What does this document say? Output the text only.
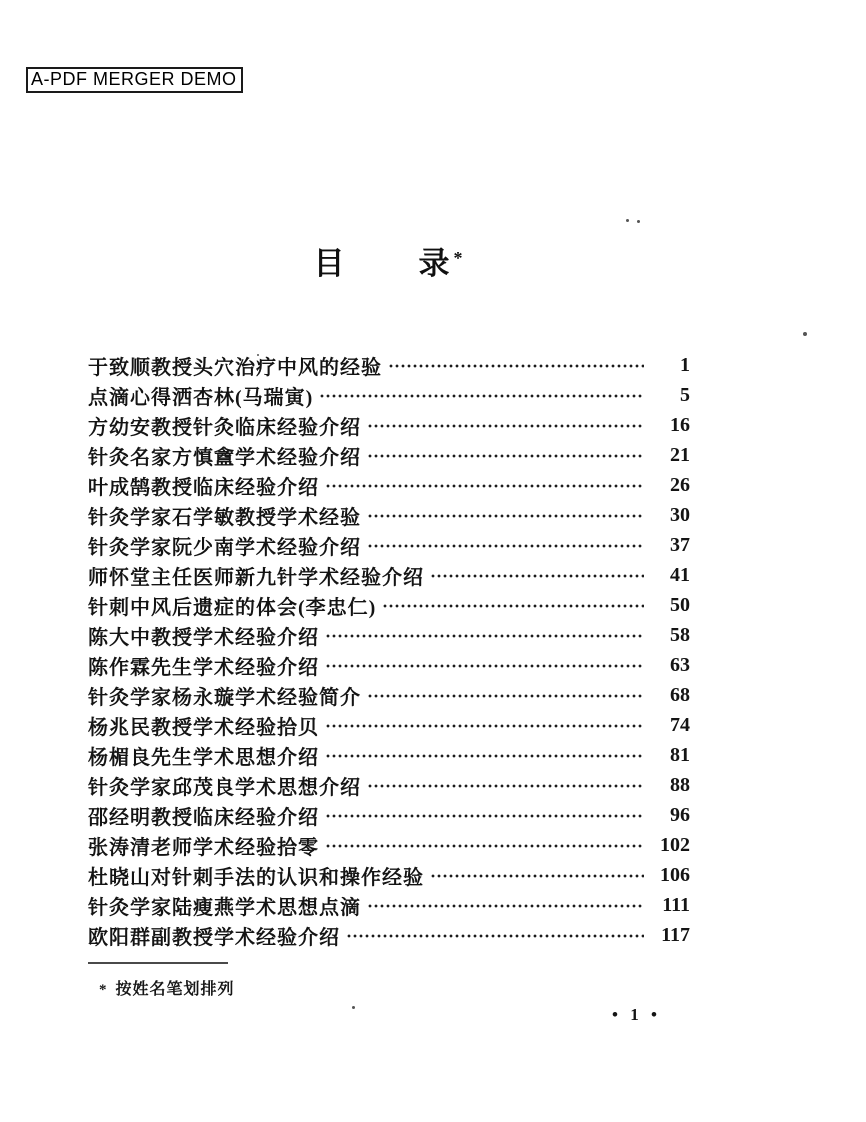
A-PDF MERGER DEMO
目 录 *
于致顺教授头穴治疗中风的经验	1
点滴心得洒杏林(马瑞寅)	5
方幼安教授针灸临床经验介绍	16
针灸名家方慎盦学术经验介绍	21
叶成鹄教授临床经验介绍	26
针灸学家石学敏教授学术经验	30
针灸学家阮少南学术经验介绍	37
师怀堂主任医师新九针学术经验介绍	41
针刺中风后遗症的体会(李忠仁)	50
陈大中教授学术经验介绍	58
陈作霖先生学术经验介绍	63
针灸学家杨永璇学术经验简介	68
杨兆民教授学术经验拾贝	74
杨楣良先生学术思想介绍	81
针灸学家邱茂良学术思想介绍	88
邵经明教授临床经验介绍	96
张涛清老师学术经验拾零	102
杜晓山对针刺手法的认识和操作经验	106
针灸学家陆瘦燕学术思想点滴	111
欧阳群副教授学术经验介绍	117
* 按姓名笔划排列
• 1 •
